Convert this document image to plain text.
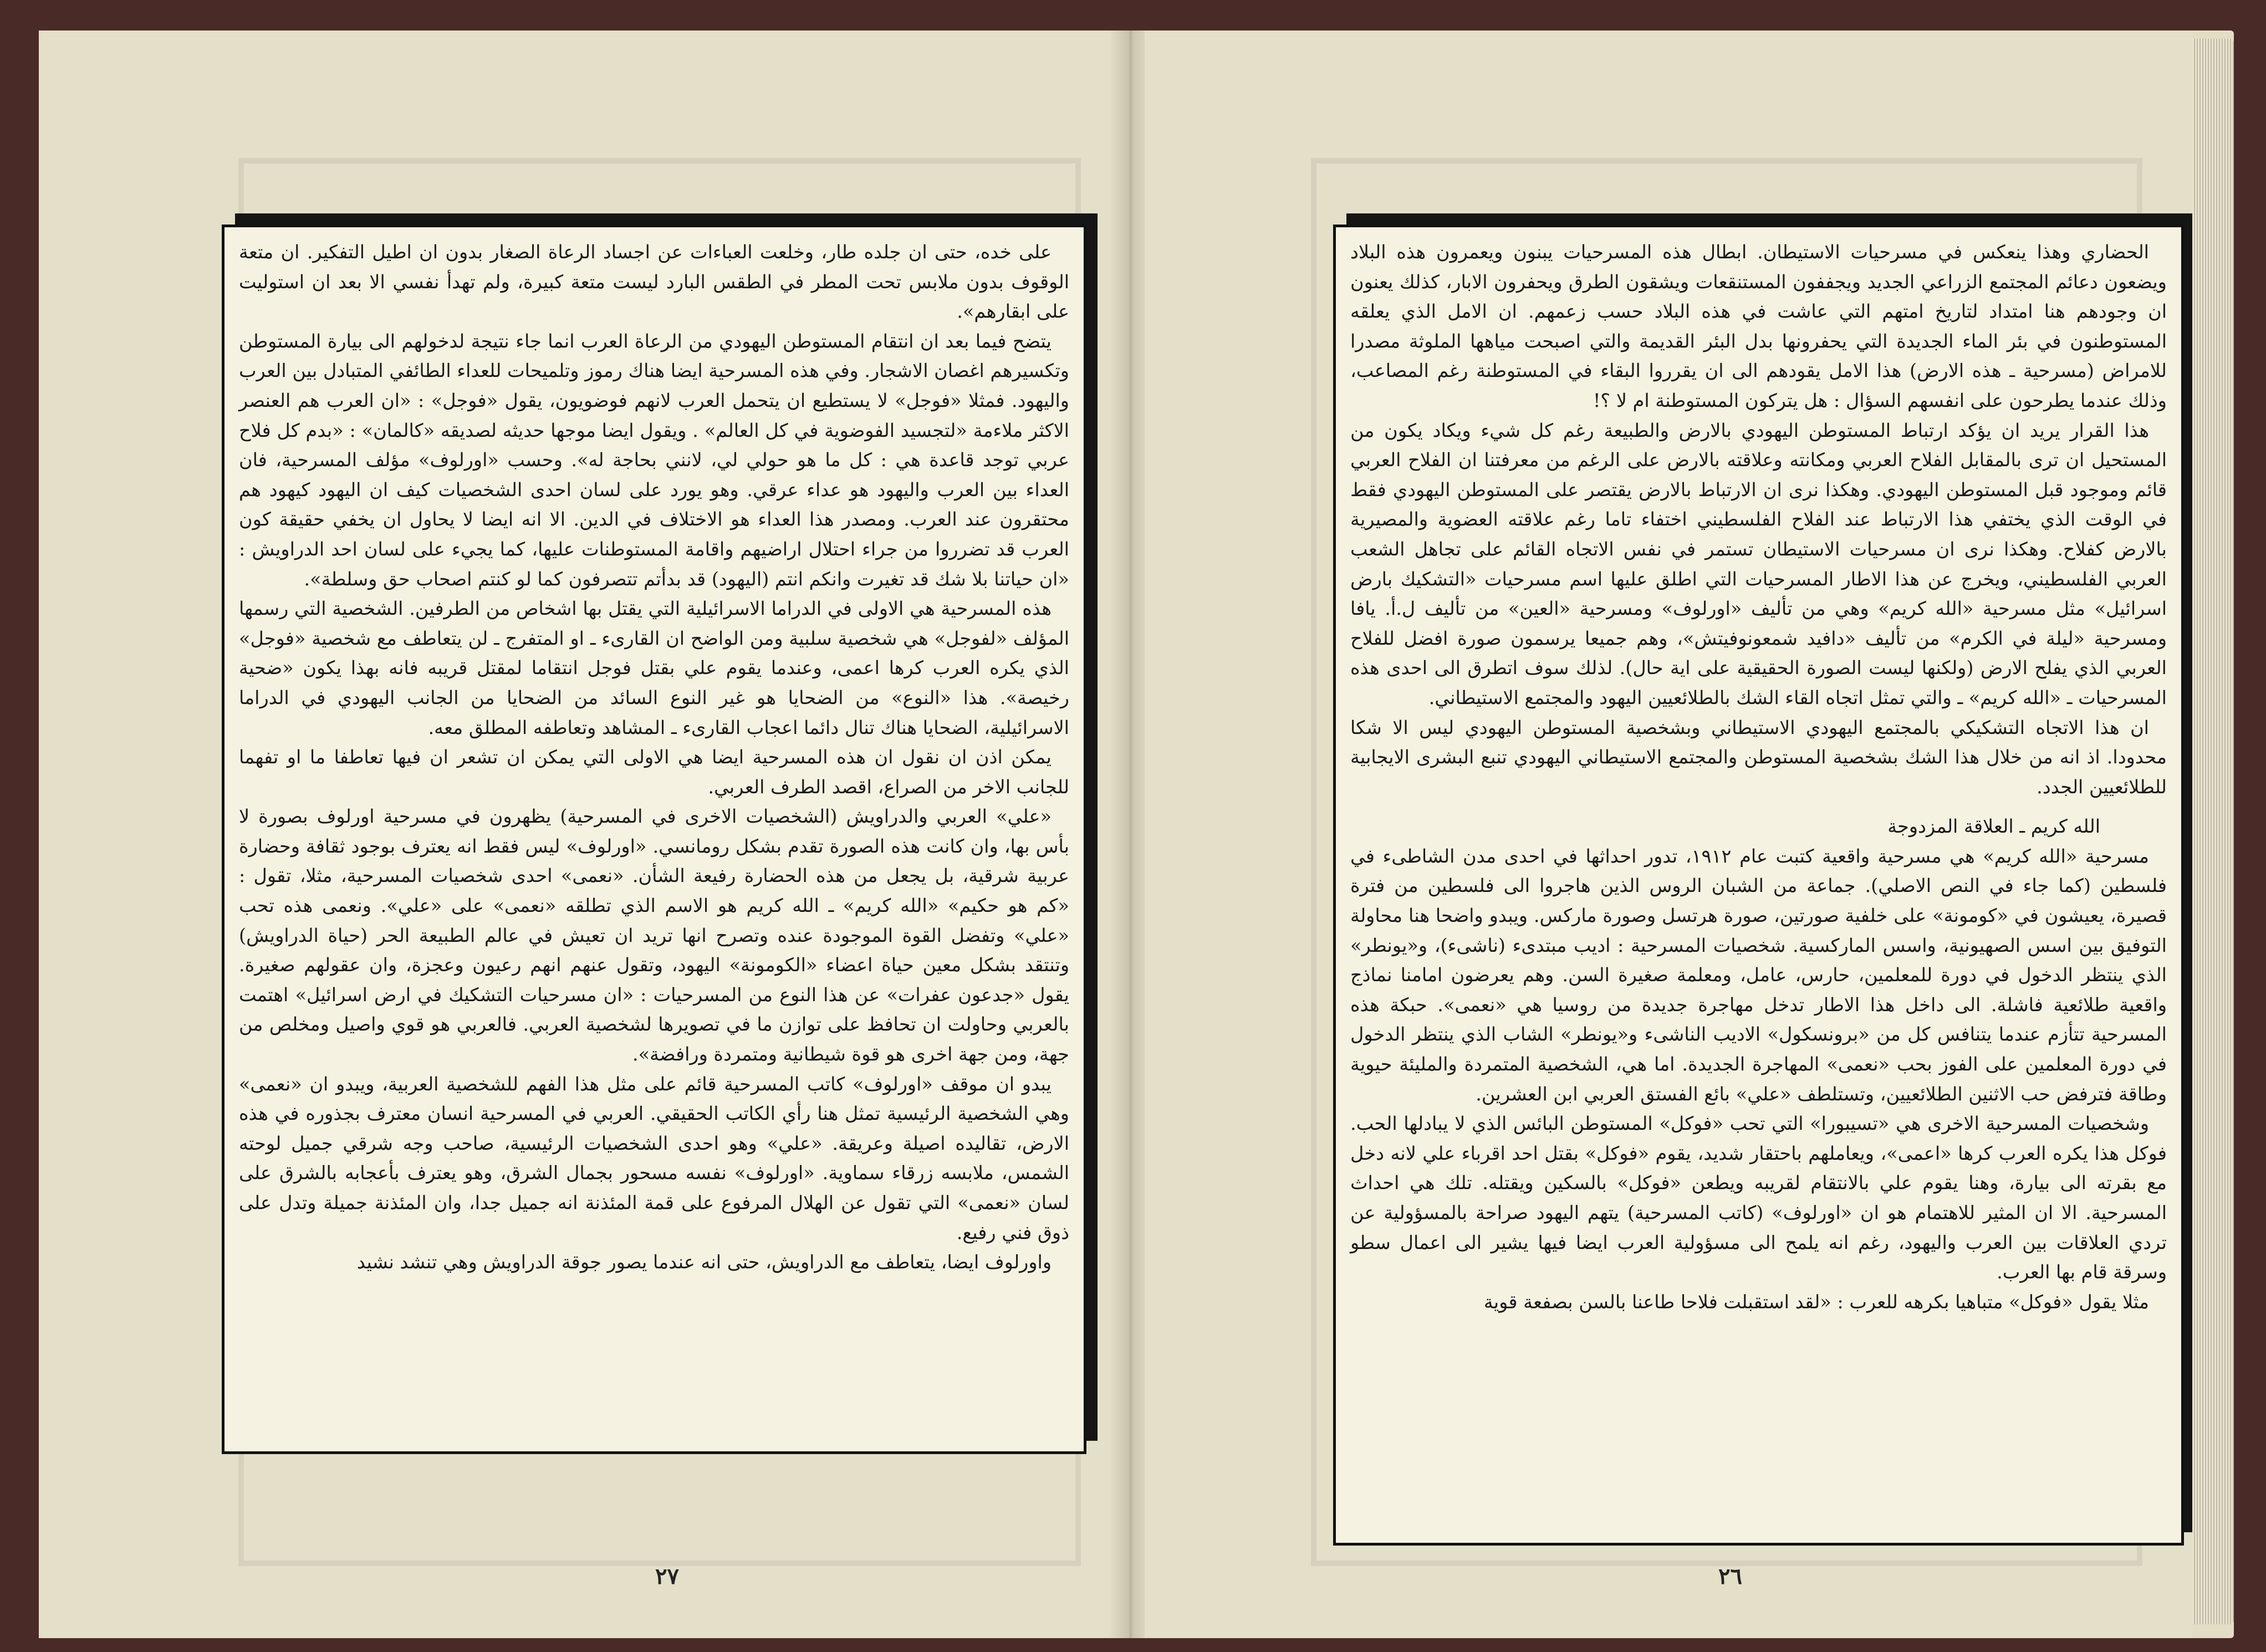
على خده، حتى ان جلده طار، وخلعت العباءات عن اجساد الرعاة الصغار بدون ان اطيل التفكير. ان متعة الوقوف بدون ملابس تحت المطر في الطقس البارد ليست متعة كبيرة، ولم تهدأ نفسي الا بعد ان استوليت على ابقارهم».

يتضح فيما بعد ان انتقام المستوطن اليهودي من الرعاة العرب انما جاء نتيجة لدخولهم الى بيارة المستوطن وتكسيرهم اغصان الاشجار. وفي هذه المسرحية ايضا هناك رموز وتلميحات للعداء الطائفي المتبادل بين العرب واليهود. فمثلا «فوجل» لا يستطيع ان يتحمل العرب لانهم فوضويون، يقول «فوجل» : «ان العرب هم العنصر الاكثر ملاءمة «لتجسيد الفوضوية في كل العالم» . ويقول ايضا موجها حديثه لصديقه «كالمان» : «بدم كل فلاح عربي توجد قاعدة هي : كل ما هو حولي لي، لانني بحاجة له». وحسب «اورلوف» مؤلف المسرحية، فان العداء بين العرب واليهود هو عداء عرقي. وهو يورد على لسان احدى الشخصيات كيف ان اليهود كيهود هم محتقرون عند العرب. ومصدر هذا العداء هو الاختلاف في الدين. الا انه ايضا لا يحاول ان يخفي حقيقة كون العرب قد تضرروا من جراء احتلال اراضيهم واقامة المستوطنات عليها، كما يجيء على لسان احد الدراويش : «ان حياتنا بلا شك قد تغيرت وانكم انتم (اليهود) قد بدأتم تتصرفون كما لو كنتم اصحاب حق وسلطة».

هذه المسرحية هي الاولى في الدراما الاسرائيلية التي يقتل بها اشخاص من الطرفين. الشخصية التي رسمها المؤلف «لفوجل» هي شخصية سلبية ومن الواضح ان القارىء ـ او المتفرج ـ لن يتعاطف مع شخصية «فوجل» الذي يكره العرب كرها اعمى، وعندما يقوم علي بقتل فوجل انتقاما لمقتل قريبه فانه بهذا يكون «ضحية رخيصة». هذا «النوع» من الضحايا هو غير النوع السائد من الضحايا من الجانب اليهودي في الدراما الاسرائيلية، الضحايا هناك تنال دائما اعجاب القارىء ـ المشاهد وتعاطفه المطلق معه.

يمكن اذن ان نقول ان هذه المسرحية ايضا هي الاولى التي يمكن ان تشعر ان فيها تعاطفا ما او تفهما للجانب الاخر من الصراع، اقصد الطرف العربي.

«علي» العربي والدراويش (الشخصيات الاخرى في المسرحية) يظهرون في مسرحية اورلوف بصورة لا بأس بها، وان كانت هذه الصورة تقدم بشكل رومانسي. «اورلوف» ليس فقط انه يعترف بوجود ثقافة وحضارة عربية شرقية، بل يجعل من هذه الحضارة رفيعة الشأن. «نعمى» احدى شخصيات المسرحية، مثلا، تقول : «كم هو حكيم» «الله كريم» ـ الله كريم هو الاسم الذي تطلقه «نعمى» على «علي». ونعمى هذه تحب «علي» وتفضل القوة الموجودة عنده وتصرح انها تريد ان تعيش في عالم الطبيعة الحر (حياة الدراويش) وتنتقد بشكل معين حياة اعضاء «الكومونة» اليهود، وتقول عنهم انهم رعيون وعجزة، وان عقولهم صغيرة. يقول «جدعون عفرات» عن هذا النوع من المسرحيات : «ان مسرحيات التشكيك في ارض اسرائيل» اهتمت بالعربي وحاولت ان تحافظ على توازن ما في تصويرها لشخصية العربي. فالعربي هو قوي واصيل ومخلص من جهة، ومن جهة اخرى هو قوة شيطانية ومتمردة ورافضة».

يبدو ان موقف «اورلوف» كاتب المسرحية قائم على مثل هذا الفهم للشخصية العربية، ويبدو ان «نعمى» وهي الشخصية الرئيسية تمثل هنا رأي الكاتب الحقيقي. العربي في المسرحية انسان معترف بجذوره في هذه الارض، تقاليده اصيلة وعريقة. «علي» وهو احدى الشخصيات الرئيسية، صاحب وجه شرقي جميل لوحته الشمس، ملابسه زرقاء سماوية. «اورلوف» نفسه مسحور بجمال الشرق، وهو يعترف بأعجابه بالشرق على لسان «نعمى» التي تقول عن الهلال المرفوع على قمة المئذنة انه جميل جدا، وان المئذنة جميلة وتدل على ذوق فني رفيع.

واورلوف ايضا، يتعاطف مع الدراويش، حتى انه عندما يصور جوقة الدراويش وهي تنشد نشيد

٢٧

الحضاري وهذا ينعكس في مسرحيات الاستيطان. ابطال هذه المسرحيات يبنون ويعمرون هذه البلاد ويضعون دعائم المجتمع الزراعي الجديد ويجففون المستنقعات ويشقون الطرق ويحفرون الابار، كذلك يعنون ان وجودهم هنا امتداد لتاريخ امتهم التي عاشت في هذه البلاد حسب زعمهم. ان الامل الذي يعلقه المستوطنون في بئر الماء الجديدة التي يحفرونها بدل البئر القديمة والتي اصبحت مياهها الملوثة مصدرا للامراض (مسرحية ـ هذه الارض) هذا الامل يقودهم الى ان يقرروا البقاء في المستوطنة رغم المصاعب، وذلك عندما يطرحون على انفسهم السؤال : هل يتركون المستوطنة ام لا ؟!

هذا القرار يريد ان يؤكد ارتباط المستوطن اليهودي بالارض والطبيعة رغم كل شيء ويكاد يكون من المستحيل ان ترى بالمقابل الفلاح العربي ومكانته وعلاقته بالارض على الرغم من معرفتنا ان الفلاح العربي قائم وموجود قبل المستوطن اليهودي. وهكذا نرى ان الارتباط بالارض يقتصر على المستوطن اليهودي فقط في الوقت الذي يختفي هذا الارتباط عند الفلاح الفلسطيني اختفاء تاما رغم علاقته العضوية والمصيرية بالارض كفلاح. وهكذا نرى ان مسرحيات الاستيطان تستمر في نفس الاتجاه القائم على تجاهل الشعب العربي الفلسطيني، ويخرج عن هذا الاطار المسرحيات التي اطلق عليها اسم مسرحيات «التشكيك بارض اسرائيل» مثل مسرحية «الله كريم» وهي من تأليف «اورلوف» ومسرحية «العين» من تأليف ل.أ. يافا ومسرحية «ليلة في الكرم» من تأليف «دافيد شمعونوفيتش»، وهم جميعا يرسمون صورة افضل للفلاح العربي الذي يفلح الارض (ولكنها ليست الصورة الحقيقية على اية حال). لذلك سوف اتطرق الى احدى هذه المسرحيات ـ «الله كريم» ـ والتي تمثل اتجاه القاء الشك بالطلائعيين اليهود والمجتمع الاستيطاني.

ان هذا الاتجاه التشكيكي بالمجتمع اليهودي الاستيطاني وبشخصية المستوطن اليهودي ليس الا شكا محدودا. اذ انه من خلال هذا الشك بشخصية المستوطن والمجتمع الاستيطاني اليهودي تنبع البشرى الايجابية للطلائعيين الجدد.

الله كريم ـ العلاقة المزدوجة

مسرحية «الله كريم» هي مسرحية واقعية كتبت عام ١٩١٢، تدور احداثها في احدى مدن الشاطىء في فلسطين (كما جاء في النص الاصلي). جماعة من الشبان الروس الذين هاجروا الى فلسطين من فترة قصيرة، يعيشون في «كومونة» على خلفية صورتين، صورة هرتسل وصورة ماركس. ويبدو واضحا هنا محاولة التوفيق بين اسس الصهيونية، واسس الماركسية. شخصيات المسرحية : اديب مبتدىء (ناشىء)، و«يونطر» الذي ينتظر الدخول في دورة للمعلمين، حارس، عامل، ومعلمة صغيرة السن. وهم يعرضون امامنا نماذج واقعية طلائعية فاشلة. الى داخل هذا الاطار تدخل مهاجرة جديدة من روسيا هي «نعمى». حبكة هذه المسرحية تتأزم عندما يتنافس كل من «برونسكول» الاديب الناشىء و«يونطر» الشاب الذي ينتظر الدخول في دورة المعلمين على الفوز بحب «نعمى» المهاجرة الجديدة. اما هي، الشخصية المتمردة والمليئة حيوية وطاقة فترفض حب الاثنين الطلائعيين، وتستلطف «علي» بائع الفستق العربي ابن العشرين.

وشخصيات المسرحية الاخرى هي «تسيبورا» التي تحب «فوكل» المستوطن البائس الذي لا يبادلها الحب. فوكل هذا يكره العرب كرها «اعمى»، ويعاملهم باحتقار شديد، يقوم «فوكل» بقتل احد اقرباء علي لانه دخل مع بقرته الى بيارة، وهنا يقوم علي بالانتقام لقريبه ويطعن «فوكل» بالسكين ويقتله. تلك هي احداث المسرحية. الا ان المثير للاهتمام هو ان «اورلوف» (كاتب المسرحية) يتهم اليهود صراحة بالمسؤولية عن تردي العلاقات بين العرب واليهود، رغم انه يلمح الى مسؤولية العرب ايضا فيها يشير الى اعمال سطو وسرقة قام بها العرب.

مثلا يقول «فوكل» متباهيا بكرهه للعرب : «لقد استقبلت فلاحا طاعنا بالسن بصفعة قوية

٢٦
